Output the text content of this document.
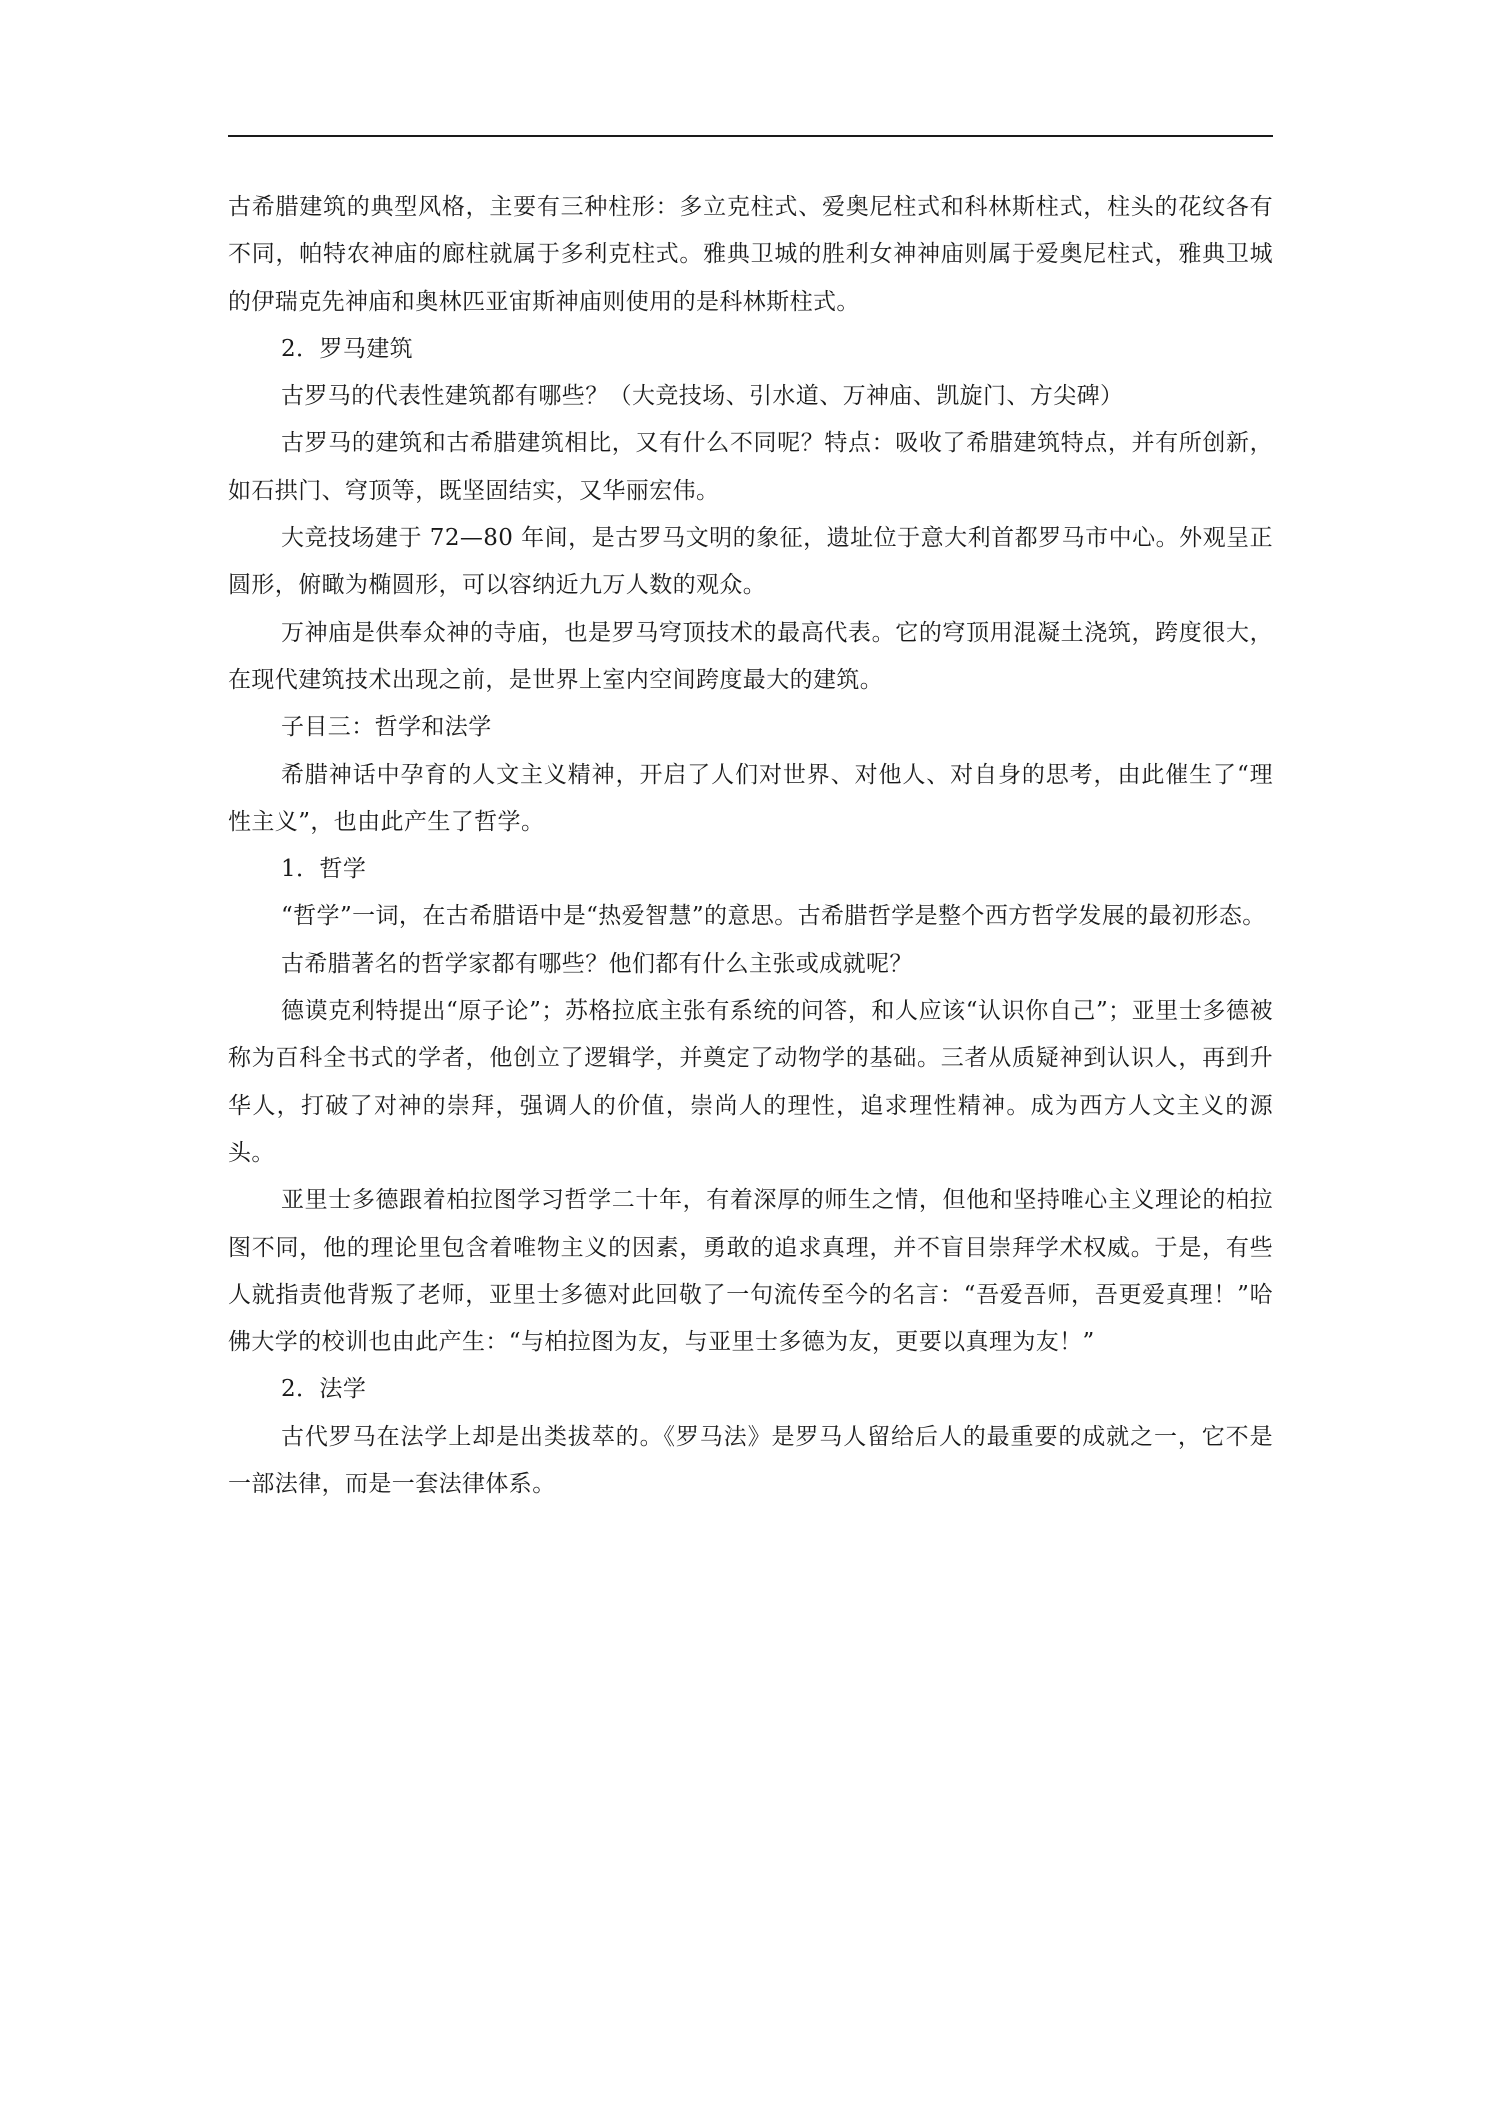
古希腊建筑的典型风格，主要有三种柱形：多立克柱式、爱奥尼柱式和科林斯柱式，柱头的花纹各有不同，帕特农神庙的廊柱就属于多利克柱式。雅典卫城的胜利女神神庙则属于爱奥尼柱式，雅典卫城的伊瑞克先神庙和奥林匹亚宙斯神庙则使用的是科林斯柱式。

2．罗马建筑

古罗马的代表性建筑都有哪些？（大竞技场、引水道、万神庙、凯旋门、方尖碑）

古罗马的建筑和古希腊建筑相比，又有什么不同呢？特点：吸收了希腊建筑特点，并有所创新，如石拱门、穹顶等，既坚固结实，又华丽宏伟。

大竞技场建于 72—80 年间，是古罗马文明的象征，遗址位于意大利首都罗马市中心。外观呈正圆形，俯瞰为椭圆形，可以容纳近九万人数的观众。

万神庙是供奉众神的寺庙，也是罗马穹顶技术的最高代表。它的穹顶用混凝土浇筑，跨度很大，在现代建筑技术出现之前，是世界上室内空间跨度最大的建筑。

子目三：哲学和法学

希腊神话中孕育的人文主义精神，开启了人们对世界、对他人、对自身的思考，由此催生了“理性主义”，也由此产生了哲学。

1．哲学

“哲学”一词，在古希腊语中是“热爱智慧”的意思。古希腊哲学是整个西方哲学发展的最初形态。

古希腊著名的哲学家都有哪些？他们都有什么主张或成就呢？

德谟克利特提出“原子论”；苏格拉底主张有系统的问答，和人应该“认识你自己”；亚里士多德被称为百科全书式的学者，他创立了逻辑学，并奠定了动物学的基础。三者从质疑神到认识人，再到升华人，打破了对神的崇拜，强调人的价值，崇尚人的理性，追求理性精神。成为西方人文主义的源头。

亚里士多德跟着柏拉图学习哲学二十年，有着深厚的师生之情，但他和坚持唯心主义理论的柏拉图不同，他的理论里包含着唯物主义的因素，勇敢的追求真理，并不盲目崇拜学术权威。于是，有些人就指责他背叛了老师，亚里士多德对此回敬了一句流传至今的名言：“吾爱吾师，吾更爱真理！”哈佛大学的校训也由此产生：“与柏拉图为友，与亚里士多德为友，更要以真理为友！”

2．法学

古代罗马在法学上却是出类拔萃的。《罗马法》是罗马人留给后人的最重要的成就之一，它不是一部法律，而是一套法律体系。
